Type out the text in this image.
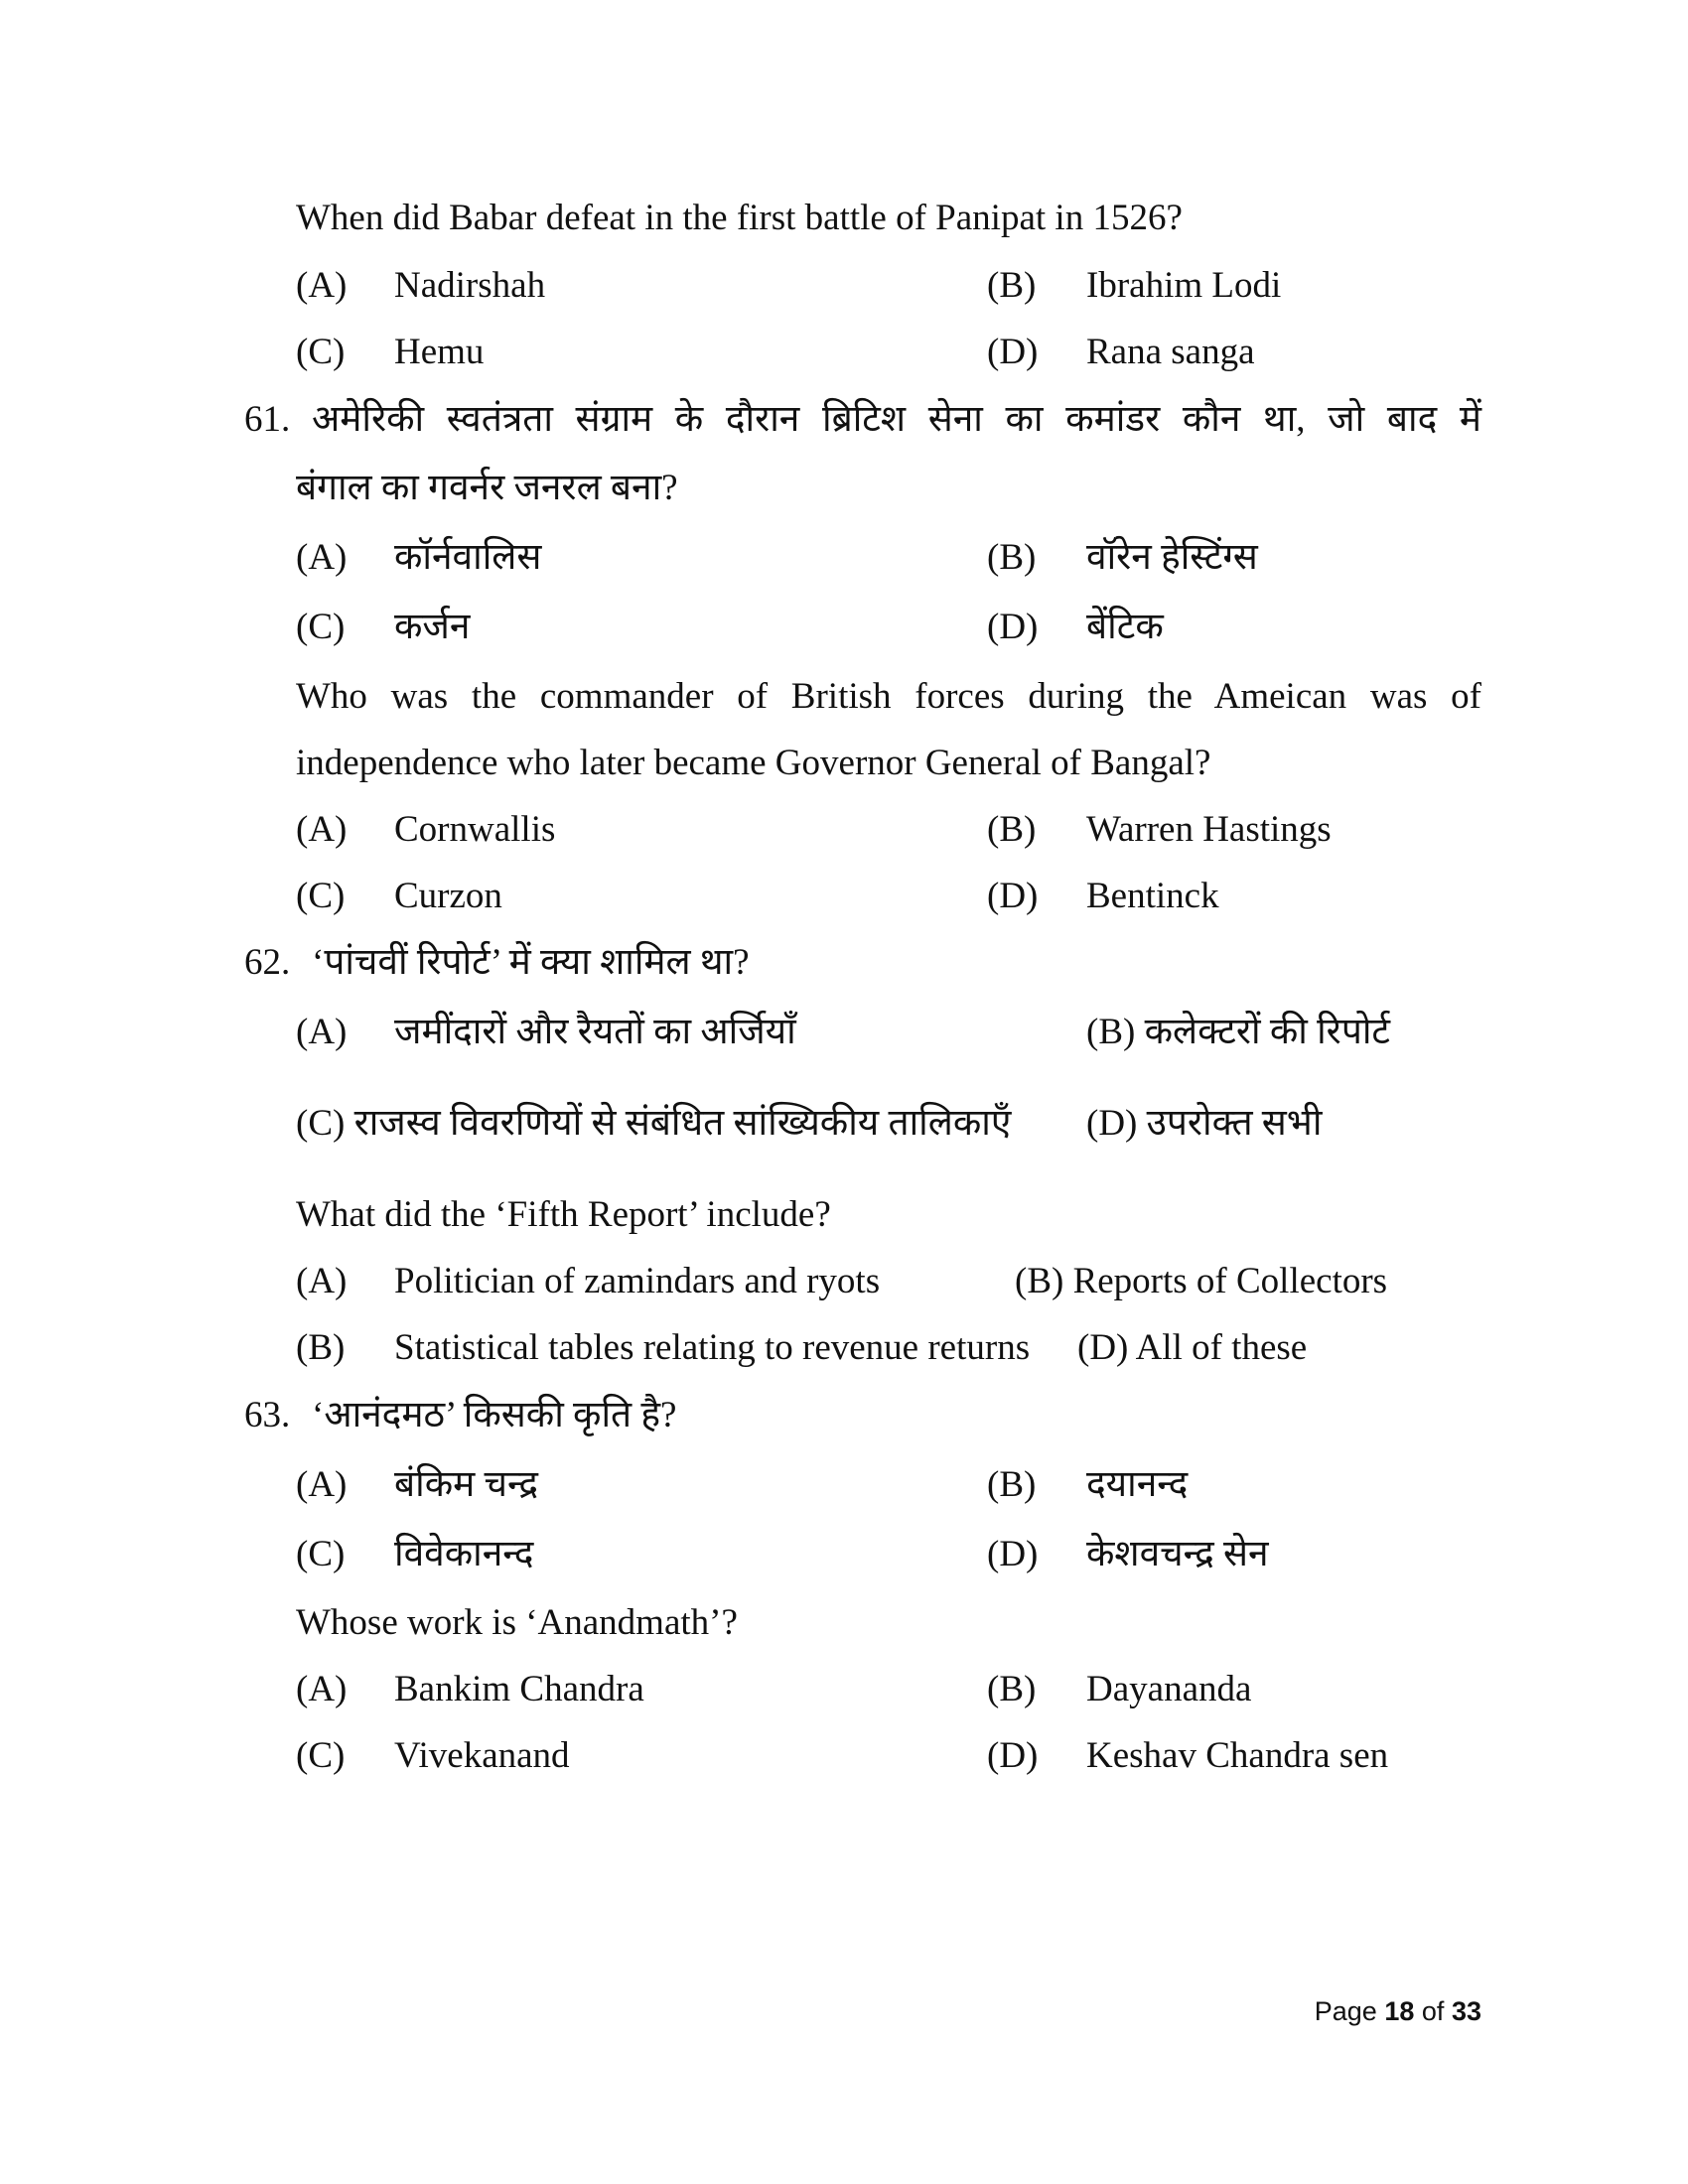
When did Babar defeat in the first battle of Panipat in 1526?
(A) Nadirshah	(B) Ibrahim Lodi
(C) Hemu	(D) Rana sanga
61. अमेरिकी स्वतंत्रता संग्राम के दौरान ब्रिटिश सेना का कमांडर कौन था, जो बाद में
बंगाल का गवर्नर जनरल बना?
(A) कॉर्नवालिस	(B) वॉरेन हेस्टिंग्स
(C) कर्जन	(D) बेंटिक
Who was the commander of British forces during the Ameican was of
independence who later became Governor General of Bangal?
(A) Cornwallis	(B) Warren Hastings
(C) Curzon	(D) Bentinck
62. ‘पांचवीं रिपोर्ट’ में क्या शामिल था?
(A) जमींदारों और रैयतों का अर्जियाँ	(B) कलेक्टरों की रिपोर्ट
(C) राजस्व विवरणियों से संबंधित सांख्यिकीय तालिकाएँ (D) उपरोक्त सभी
What did the ‘Fifth Report’ include?
(A) Politician of zamindars and ryots	(B) Reports of Collectors
(B) Statistical tables relating to revenue returns (D) All of these
63. ‘आनंदमठ’ किसकी कृति है?
(A) बंकिम चन्द्र	(B) दयानन्द
(C) विवेकानन्द	(D) केशवचन्द्र सेन
Whose work is ‘Anandmath’?
(A) Bankim Chandra	(B) Dayananda
(C) Vivekanand	(D) Keshav Chandra sen
Page 18 of 33
